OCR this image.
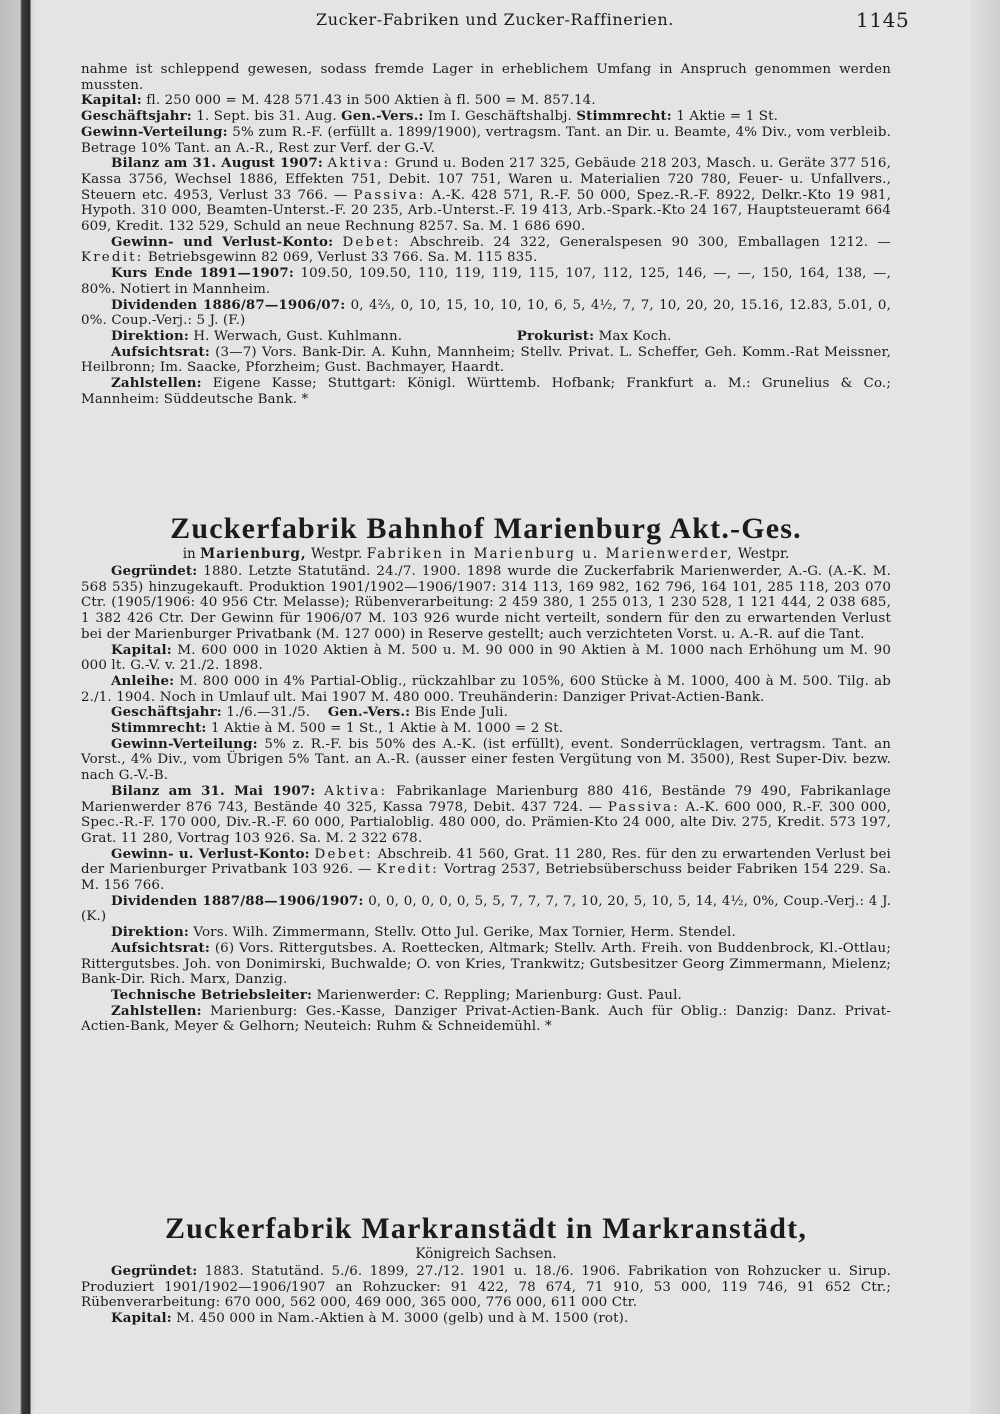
Zucker-Fabriken und Zucker-Raffinerien.	1145

nahme ist schleppend gewesen, sodass fremde Lager in erheblichem Umfang in Anspruch genommen werden mussten.

Kapital: fl. 250 000 = M. 428 571.43 in 500 Aktien à fl. 500 = M. 857.14.

Geschäftsjahr: 1. Sept. bis 31. Aug. Gen.-Vers.: Im I. Geschäftshalbj. Stimmrecht: 1 Aktie = 1 St.

Gewinn-Verteilung: 5% zum R.-F. (erfüllt a. 1899/1900), vertragsm. Tant. an Dir. u. Beamte, 4% Div., vom verbleib. Betrage 10% Tant. an A.-R., Rest zur Verf. der G.-V.

Bilanz am 31. August 1907: Aktiva: Grund u. Boden 217 325, Gebäude 218 203, Masch. u. Geräte 377 516, Kassa 3756, Wechsel 1886, Effekten 751, Debit. 107 751, Waren u. Materialien 720 780, Feuer- u. Unfallvers., Steuern etc. 4953, Verlust 33 766. — Passiva: A.-K. 428 571, R.-F. 50 000, Spez.-R.-F. 8922, Delkr.-Kto 19 981, Hypoth. 310 000, Beamten-Unterst.-F. 20 235, Arb.-Unterst.-F. 19 413, Arb.-Spark.-Kto 24 167, Hauptsteueramt 664 609, Kredit. 132 529, Schuld an neue Rechnung 8257. Sa. M. 1 686 690.

Gewinn- und Verlust-Konto: Debet: Abschreib. 24 322, Generalspesen 90 300, Emballagen 1212. — Kredit: Betriebsgewinn 82 069, Verlust 33 766. Sa. M. 115 835.

Kurs Ende 1891—1907: 109.50, 109.50, 110, 119, 119, 115, 107, 112, 125, 146, —, —, 150, 164, 138, —, 80%. Notiert in Mannheim.

Dividenden 1886/87—1906/07: 0, 4⅔, 0, 10, 15, 10, 10, 10, 6, 5, 4½, 7, 7, 10, 20, 20, 15.16, 12.83, 5.01, 0, 0%. Coup.-Verj.: 5 J. (F.)

Direktion: H. Werwach, Gust. Kuhlmann.	Prokurist: Max Koch.

Aufsichtsrat: (3—7) Vors. Bank-Dir. A. Kuhn, Mannheim; Stellv. Privat. L. Scheffer, Geh. Komm.-Rat Meissner, Heilbronn; Im. Saacke, Pforzheim; Gust. Bachmayer, Haardt.

Zahlstellen: Eigene Kasse; Stuttgart: Königl. Württemb. Hofbank; Frankfurt a. M.: Grunelius & Co.; Mannheim: Süddeutsche Bank. *

Zuckerfabrik Bahnhof Marienburg Akt.-Ges.

in Marienburg, Westpr. Fabriken in Marienburg u. Marienwerder, Westpr.

Gegründet: 1880. Letzte Statutänd. 24./7. 1900. 1898 wurde die Zuckerfabrik Marienwerder, A.-G. (A.-K. M. 568 535) hinzugekauft. Produktion 1901/1902—1906/1907: 314 113, 169 982, 162 796, 164 101, 285 118, 203 070 Ctr. (1905/1906: 40 956 Ctr. Melasse); Rübenverarbeitung: 2 459 380, 1 255 013, 1 230 528, 1 121 444, 2 038 685, 1 382 426 Ctr. Der Gewinn für 1906/07 M. 103 926 wurde nicht verteilt, sondern für den zu erwartenden Verlust bei der Marienburger Privatbank (M. 127 000) in Reserve gestellt; auch verzichteten Vorst. u. A.-R. auf die Tant.

Kapital: M. 600 000 in 1020 Aktien à M. 500 u. M. 90 000 in 90 Aktien à M. 1000 nach Erhöhung um M. 90 000 lt. G.-V. v. 21./2. 1898.

Anleihe: M. 800 000 in 4% Partial-Oblig., rückzahlbar zu 105%, 600 Stücke à M. 1000, 400 à M. 500. Tilg. ab 2./1. 1904. Noch in Umlauf ult. Mai 1907 M. 480 000. Treuhänderin: Danziger Privat-Actien-Bank.

Geschäftsjahr: 1./6.—31./5. Gen.-Vers.: Bis Ende Juli.

Stimmrecht: 1 Aktie à M. 500 = 1 St., 1 Aktie à M. 1000 = 2 St.

Gewinn-Verteilung: 5% z. R.-F. bis 50% des A.-K. (ist erfüllt), event. Sonderrücklagen, vertragsm. Tant. an Vorst., 4% Div., vom Übrigen 5% Tant. an A.-R. (ausser einer festen Vergütung von M. 3500), Rest Super-Div. bezw. nach G.-V.-B.

Bilanz am 31. Mai 1907: Aktiva: Fabrikanlage Marienburg 880 416, Bestände 79 490, Fabrikanlage Marienwerder 876 743, Bestände 40 325, Kassa 7978, Debit. 437 724. — Passiva: A.-K. 600 000, R.-F. 300 000, Spec.-R.-F. 170 000, Div.-R.-F. 60 000, Partialoblig. 480 000, do. Prämien-Kto 24 000, alte Div. 275, Kredit. 573 197, Grat. 11 280, Vortrag 103 926. Sa. M. 2 322 678.

Gewinn- u. Verlust-Konto: Debet: Abschreib. 41 560, Grat. 11 280, Res. für den zu erwartenden Verlust bei der Marienburger Privatbank 103 926. — Kredit: Vortrag 2537, Betriebsüberschuss beider Fabriken 154 229. Sa. M. 156 766.

Dividenden 1887/88—1906/1907: 0, 0, 0, 0, 0, 0, 5, 5, 7, 7, 7, 7, 10, 20, 5, 10, 5, 14, 4½, 0%, Coup.-Verj.: 4 J. (K.)

Direktion: Vors. Wilh. Zimmermann, Stellv. Otto Jul. Gerike, Max Tornier, Herm. Stendel.

Aufsichtsrat: (6) Vors. Rittergutsbes. A. Roettecken, Altmark; Stellv. Arth. Freih. von Buddenbrock, Kl.-Ottlau; Rittergutsbes. Joh. von Donimirski, Buchwalde; O. von Kries, Trankwitz; Gutsbesitzer Georg Zimmermann, Mielenz; Bank-Dir. Rich. Marx, Danzig.

Technische Betriebsleiter: Marienwerder: C. Reppling; Marienburg: Gust. Paul.

Zahlstellen: Marienburg: Ges.-Kasse, Danziger Privat-Actien-Bank. Auch für Oblig.: Danzig: Danz. Privat-Actien-Bank, Meyer & Gelhorn; Neuteich: Ruhm & Schneidemühl. *

Zuckerfabrik Markranstädt in Markranstädt,

Königreich Sachsen.

Gegründet: 1883. Statutänd. 5./6. 1899, 27./12. 1901 u. 18./6. 1906. Fabrikation von Rohzucker u. Sirup. Produziert 1901/1902—1906/1907 an Rohzucker: 91 422, 78 674, 71 910, 53 000, 119 746, 91 652 Ctr.; Rübenverarbeitung: 670 000, 562 000, 469 000, 365 000, 776 000, 611 000 Ctr.

Kapital: M. 450 000 in Nam.-Aktien à M. 3000 (gelb) und à M. 1500 (rot).
